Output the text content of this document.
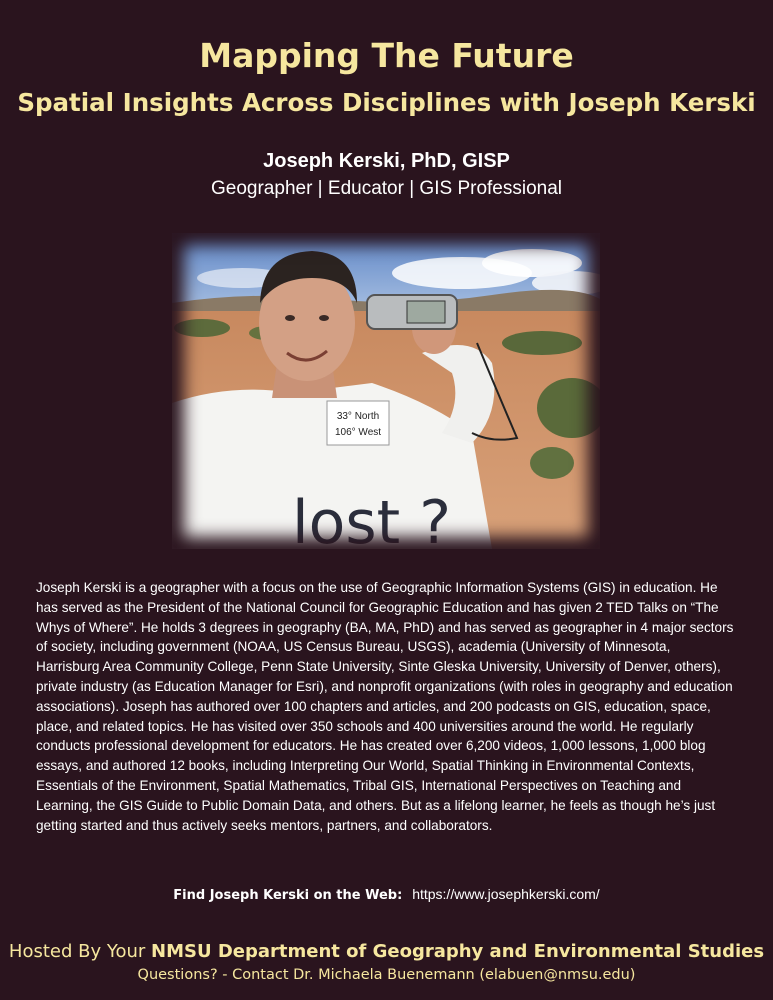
Mapping The Future
Spatial Insights Across Disciplines with Joseph Kerski
Joseph Kerski, PhD, GISP
Geographer | Educator | GIS Professional
33° North
106° West
lost ?

Joseph Kerski is a geographer with a focus on the use of Geographic Information Systems (GIS) in education. He has served as the President of the National Council for Geographic Education and has given 2 TED Talks on “The Whys of Where”. He holds 3 degrees in geography (BA, MA, PhD) and has served as geographer in 4 major sectors of society, including government (NOAA, US Census Bureau, USGS), academia (University of Minnesota, Harrisburg Area Community College, Penn State University, Sinte Gleska University, University of Denver, others), private industry (as Education Manager for Esri), and nonprofit organizations (with roles in geography and education associations). Joseph has authored over 100 chapters and articles, and 200 podcasts on GIS, education, space, place, and related topics. He has visited over 350 schools and 400 universities around the world. He regularly conducts professional development for educators. He has created over 6,200 videos, 1,000 lessons, 1,000 blog essays, and authored 12 books, including Interpreting Our World, Spatial Thinking in Environmental Contexts, Essentials of the Environment, Spatial Mathematics, Tribal GIS, International Perspectives on Teaching and Learning, the GIS Guide to Public Domain Data, and others. But as a lifelong learner, he feels as though he’s just getting started and thus actively seeks mentors, partners, and collaborators.

Find Joseph Kerski on the Web: https://www.josephkerski.com/
Hosted By Your NMSU Department of Geography and Environmental Studies
Questions? - Contact Dr. Michaela Buenemann (elabuen@nmsu.edu)
